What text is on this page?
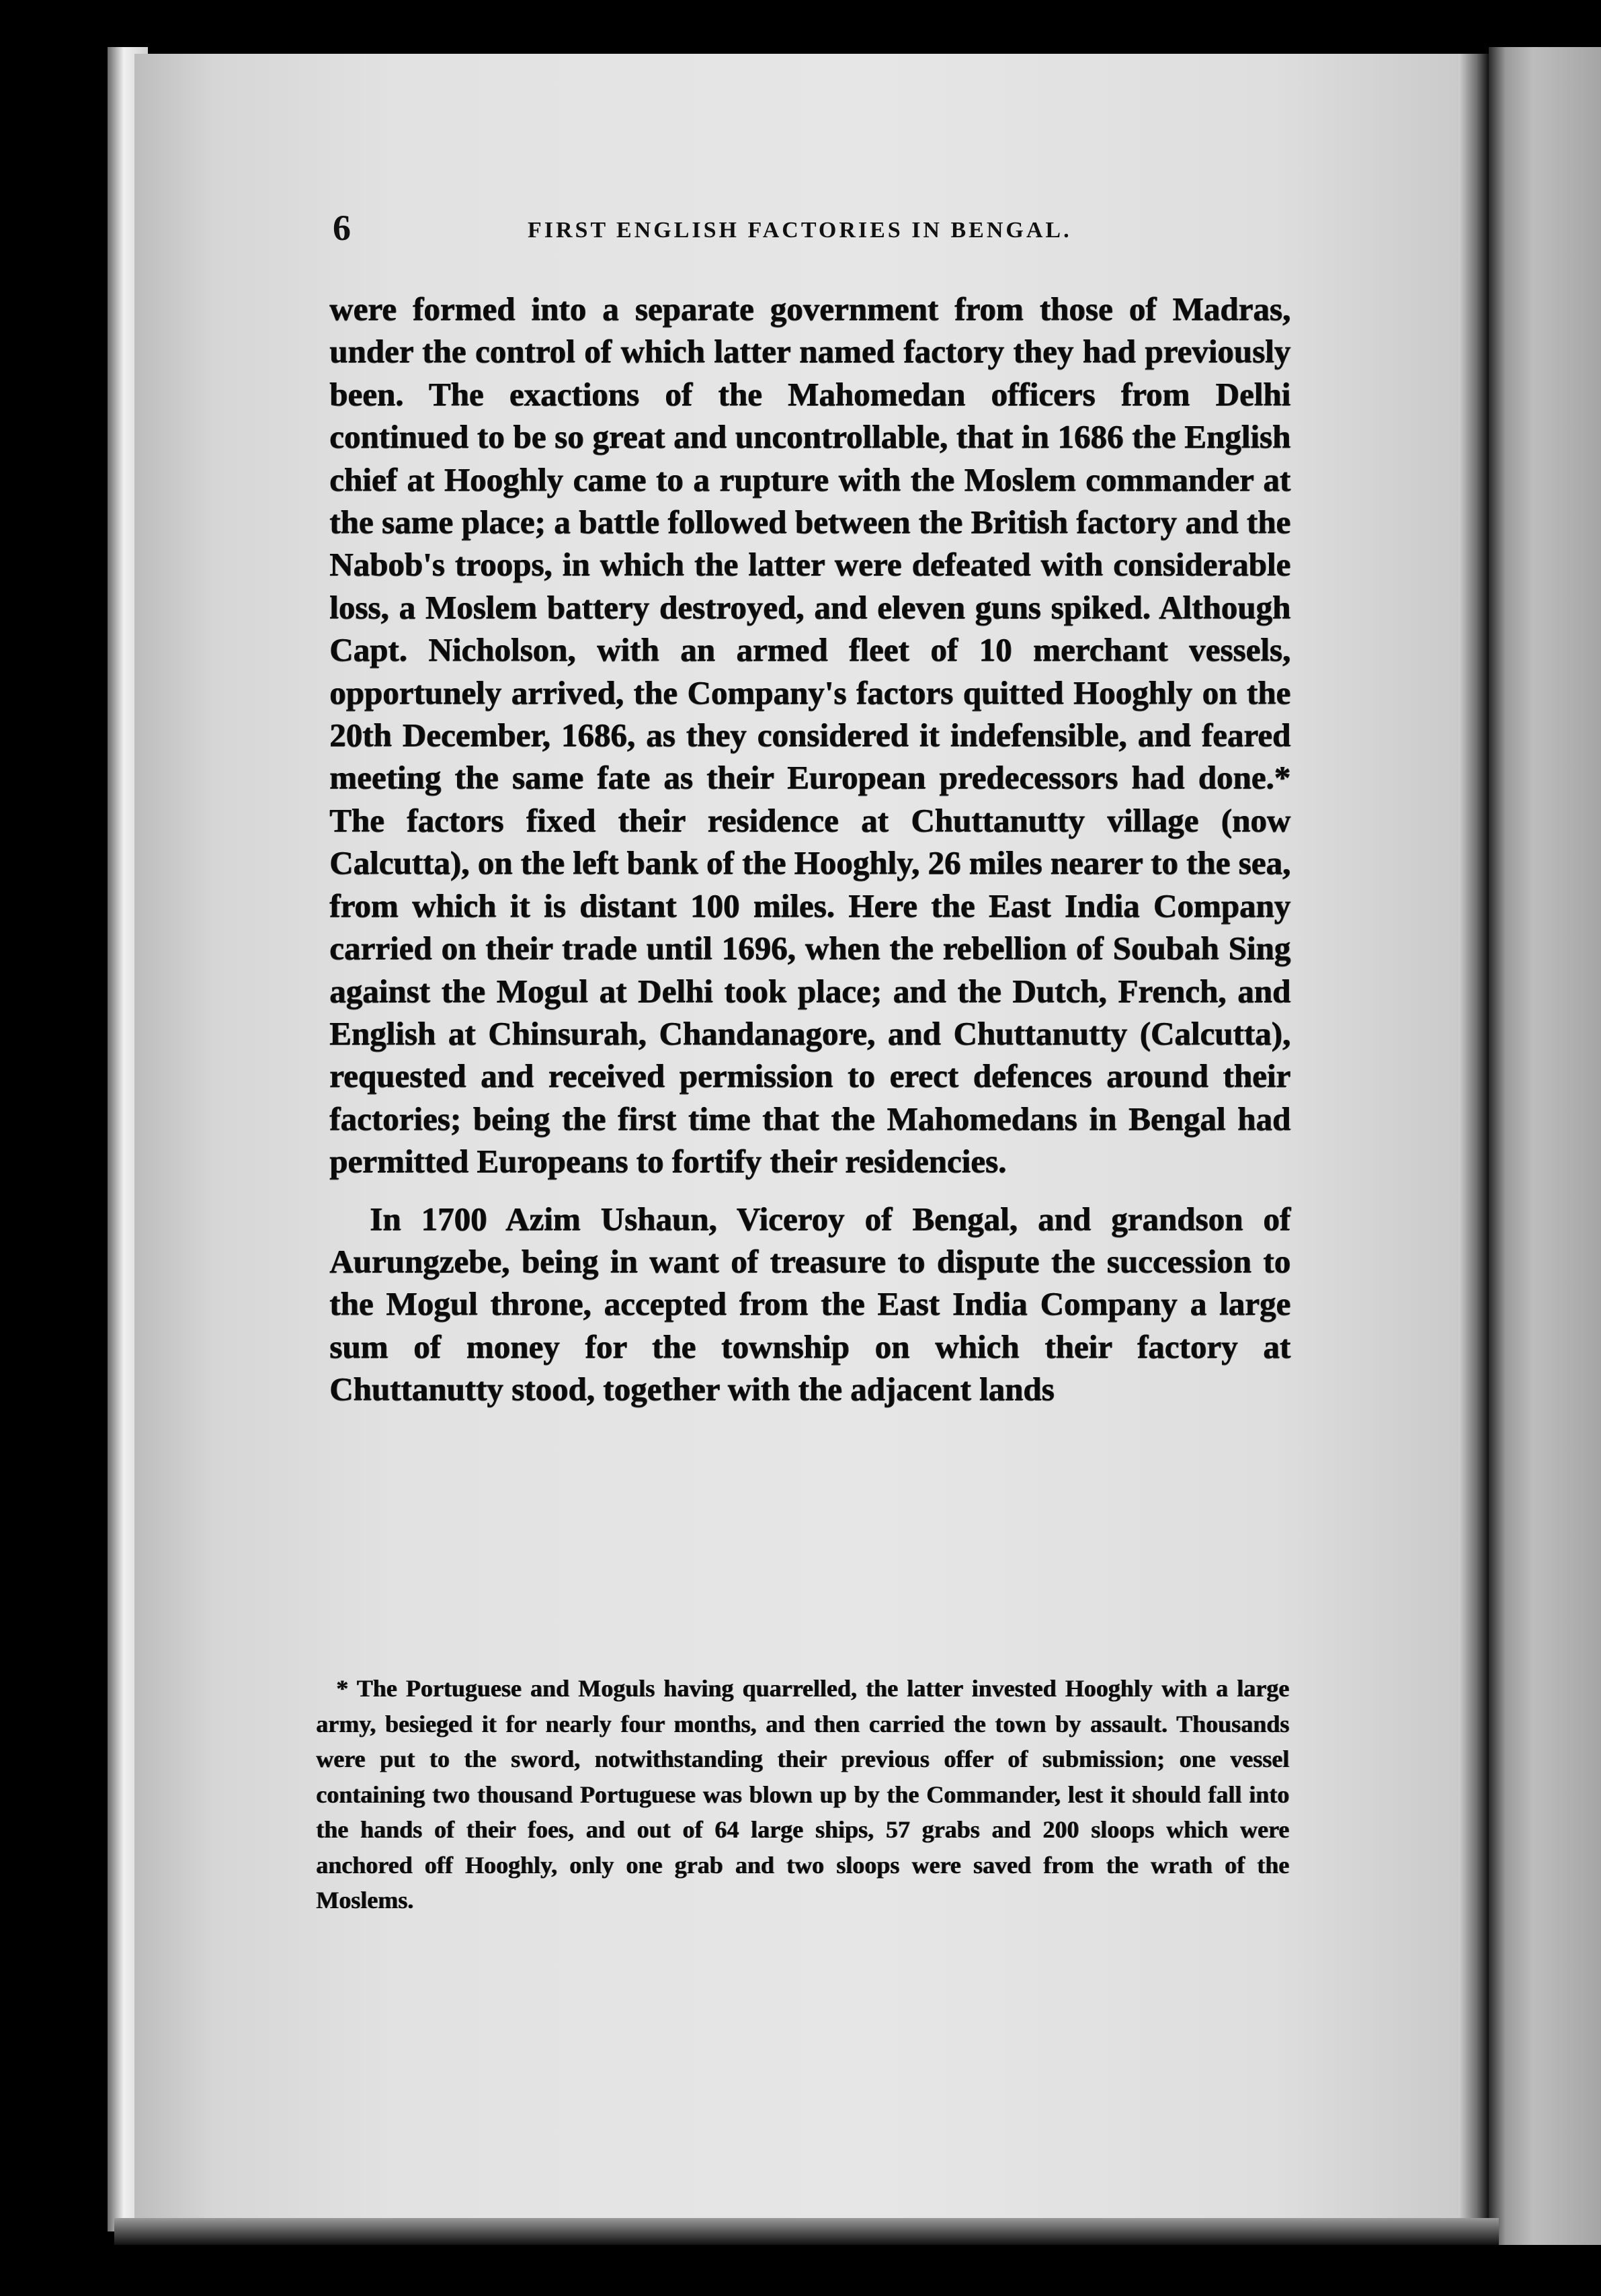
6	FIRST ENGLISH FACTORIES IN BENGAL.

were formed into a separate government from those of Madras, under the control of which latter named factory they had previously been. The exactions of the Mahomedan officers from Delhi continued to be so great and uncontrollable, that in 1686 the English chief at Hooghly came to a rupture with the Moslem commander at the same place; a battle followed between the British factory and the Nabob's troops, in which the latter were defeated with considerable loss, a Moslem battery destroyed, and eleven guns spiked. Although Capt. Nicholson, with an armed fleet of 10 merchant vessels, opportunely arrived, the Company's factors quitted Hooghly on the 20th December, 1686, as they considered it indefensible, and feared meeting the same fate as their European predecessors had done.* The factors fixed their residence at Chuttanutty village (now Calcutta), on the left bank of the Hooghly, 26 miles nearer to the sea, from which it is distant 100 miles. Here the East India Company carried on their trade until 1696, when the rebellion of Soubah Sing against the Mogul at Delhi took place; and the Dutch, French, and English at Chinsurah, Chandanagore, and Chuttanutty (Calcutta), requested and received permission to erect defences around their factories; being the first time that the Mahomedans in Bengal had permitted Europeans to fortify their residencies.

In 1700 Azim Ushaun, Viceroy of Bengal, and grandson of Aurungzebe, being in want of treasure to dispute the succession to the Mogul throne, accepted from the East India Company a large sum of money for the township on which their factory at Chuttanutty stood, together with the adjacent lands

* The Portuguese and Moguls having quarrelled, the latter invested Hooghly with a large army, besieged it for nearly four months, and then carried the town by assault. Thousands were put to the sword, notwithstanding their previous offer of submission; one vessel containing two thousand Portuguese was blown up by the Commander, lest it should fall into the hands of their foes, and out of 64 large ships, 57 grabs and 200 sloops which were anchored off Hooghly, only one grab and two sloops were saved from the wrath of the Moslems.
